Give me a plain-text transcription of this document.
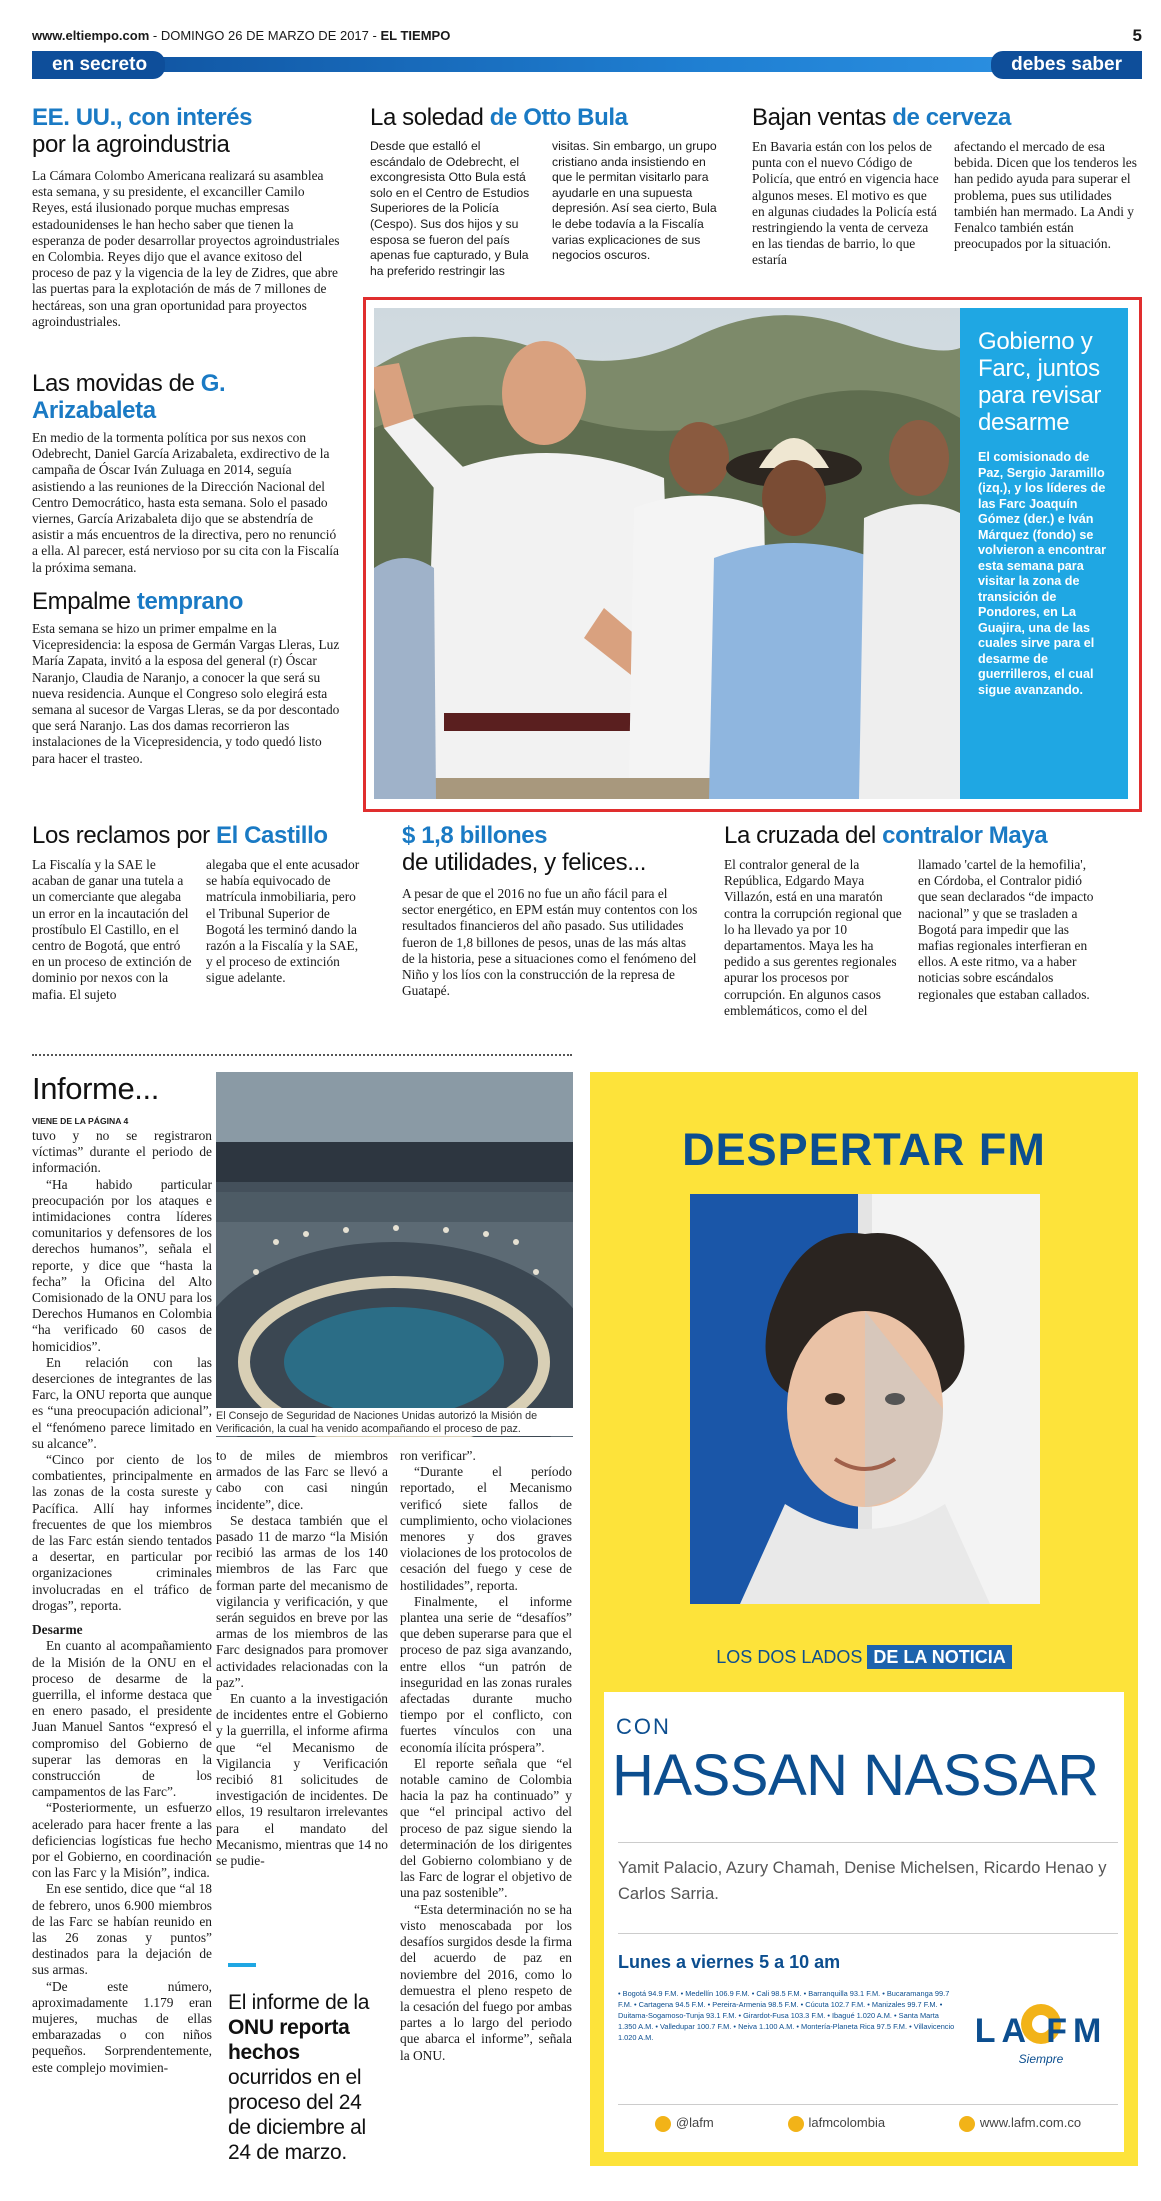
www.eltiempo.com - DOMINGO 26 DE MARZO DE 2017 - EL TIEMPO	5
en secreto	debes saber
EE. UU., con interés
por la agroindustria

La Cámara Colombo Americana realizará su asamblea esta semana, y su presidente, el excanciller Camilo Reyes, está ilusionado porque muchas empresas estadounidenses le han hecho saber que tienen la esperanza de poder desarrollar proyectos agroindustriales en Colombia. Reyes dijo que el avance exitoso del proceso de paz y la vigencia de la ley de Zidres, que abre las puertas para la explotación de más de 7 millones de hectáreas, son una gran oportunidad para proyectos agroindustriales.

Las movidas de G. Arizabaleta

En medio de la tormenta política por sus nexos con Odebrecht, Daniel García Arizabaleta, exdirectivo de la campaña de Óscar Iván Zuluaga en 2014, seguía asistiendo a las reuniones de la Dirección Nacional del Centro Democrático, hasta esta semana. Solo el pasado viernes, García Arizabaleta dijo que se abstendría de asistir a más encuentros de la directiva, pero no renunció a ella. Al parecer, está nervioso por su cita con la Fiscalía la próxima semana.

Empalme temprano

Esta semana se hizo un primer empalme en la Vicepresidencia: la esposa de Germán Vargas Lleras, Luz María Zapata, invitó a la esposa del general (r) Óscar Naranjo, Claudia de Naranjo, a conocer la que será su nueva residencia. Aunque el Congreso solo elegirá esta semana al sucesor de Vargas Lleras, se da por descontado que será Naranjo. Las dos damas recorrieron las instalaciones de la Vicepresidencia, y todo quedó listo para hacer el trasteo.

La soledad de Otto Bula

Desde que estalló el escándalo de Odebrecht, el excongresista Otto Bula está solo en el Centro de Estudios Superiores de la Policía (Cespo). Sus dos hijos y su esposa se fueron del país apenas fue capturado, y Bula ha preferido restringir las

visitas. Sin embargo, un grupo cristiano anda insistiendo en que le permitan visitarlo para ayudarle en una supuesta depresión. Así sea cierto, Bula le debe todavía a la Fiscalía varias explicaciones de sus negocios oscuros.

Bajan ventas de cerveza

En Bavaria están con los pelos de punta con el nuevo Código de Policía, que entró en vigencia hace algunos meses. El motivo es que en algunas ciudades la Policía está restringiendo la venta de cerveza en las tiendas de barrio, lo que estaría

afectando el mercado de esa bebida. Dicen que los tenderos les han pedido ayuda para superar el problema, pues sus utilidades también han mermado. La Andi y Fenalco también están preocupados por la situación.

Gobierno y Farc, juntos para revisar desarme

El comisionado de Paz, Sergio Jaramillo (izq.), y los líderes de las Farc Joaquín Gómez (der.) e Iván Márquez (fondo) se volvieron a encontrar esta semana para visitar la zona de transición de Pondores, en La Guajira, una de las cuales sirve para el desarme de guerrilleros, el cual sigue avanzando.

Los reclamos por El Castillo

La Fiscalía y la SAE le acaban de ganar una tutela a un comerciante que alegaba un error en la incautación del prostíbulo El Castillo, en el centro de Bogotá, que entró en un proceso de extinción de dominio por nexos con la mafia. El sujeto

alegaba que el ente acusador se había equivocado de matrícula inmobiliaria, pero el Tribunal Superior de Bogotá les terminó dando la razón a la Fiscalía y la SAE, y el proceso de extinción sigue adelante.

$ 1,8 billones
de utilidades, y felices...

A pesar de que el 2016 no fue un año fácil para el sector energético, en EPM están muy contentos con los resultados financieros del año pasado. Sus utilidades fueron de 1,8 billones de pesos, unas de las más altas de la historia, pese a situaciones como el fenómeno del Niño y los líos con la construcción de la represa de Guatapé.

La cruzada del contralor Maya

El contralor general de la República, Edgardo Maya Villazón, está en una maratón contra la corrupción regional que lo ha llevado ya por 10 departamentos. Maya les ha pedido a sus gerentes regionales apurar los procesos por corrupción. En algunos casos emblemáticos, como el del

llamado 'cartel de la hemofilia', en Córdoba, el Contralor pidió que sean declarados “de impacto nacional” y que se trasladen a Bogotá para impedir que las mafias regionales interfieran en ellos. A este ritmo, va a haber noticias sobre escándalos regionales que estaban callados.

Informe...
VIENE DE LA PÁGINA 4

tuvo y no se registraron víctimas” durante el periodo de información.

“Ha habido particular preocupación por los ataques e intimidaciones contra líderes comunitarios y defensores de los derechos humanos”, señala el reporte, y dice que “hasta la fecha” la Oficina del Alto Comisionado de la ONU para los Derechos Humanos en Colombia “ha verificado 60 casos de homicidios”.

En relación con las deserciones de integrantes de las Farc, la ONU reporta que aunque es “una preocupación adicional”, el “fenómeno parece limitado en su alcance”.

“Cinco por ciento de los combatientes, principalmente en las zonas de la costa sureste y Pacífica. Allí hay informes frecuentes de que los miembros de las Farc están siendo tentados a desertar, en particular por organizaciones criminales involucradas en el tráfico de drogas”, reporta.

Desarme

En cuanto al acompañamiento de la Misión de la ONU en el proceso de desarme de la guerrilla, el informe destaca que en enero pasado, el presidente Juan Manuel Santos “expresó el compromiso del Gobierno de superar las demoras en la construcción de los campamentos de las Farc”.

“Posteriormente, un esfuerzo acelerado para hacer frente a las deficiencias logísticas fue hecho por el Gobierno, en coordinación con las Farc y la Misión”, indica.

En ese sentido, dice que “al 18 de febrero, unos 6.900 miembros de las Farc se habían reunido en las 26 zonas y puntos” destinados para la dejación de sus armas.

“De este número, aproximadamente 1.179 eran mujeres, muchas de ellas embarazadas o con niños pequeños. Sorprendentemente, este complejo movimien-

El Consejo de Seguridad de Naciones Unidas autorizó la Misión de Verificación, la cual ha venido acompañando el proceso de paz.

to de miles de miembros armados de las Farc se llevó a cabo con casi ningún incidente”, dice.

Se destaca también que el pasado 11 de marzo “la Misión recibió las armas de los 140 miembros de las Farc que forman parte del mecanismo de vigilancia y verificación, y que serán seguidos en breve por las armas de los miembros de las Farc designados para promover actividades relacionadas con la paz”.

En cuanto a la investigación de incidentes entre el Gobierno y la guerrilla, el informe afirma que “el Mecanismo de Vigilancia y Verificación recibió 81 solicitudes de investigación de incidentes. De ellos, 19 resultaron irrelevantes para el mandato del Mecanismo, mientras que 14 no se pudie-

ron verificar”.

“Durante el período reportado, el Mecanismo verificó siete fallos de cumplimiento, ocho violaciones menores y dos graves violaciones de los protocolos de cesación del fuego y cese de hostilidades”, reporta.

Finalmente, el informe plantea una serie de “desafíos” que deben superarse para que el proceso de paz siga avanzando, entre ellos “un patrón de inseguridad en las zonas rurales afectadas durante mucho tiempo por el conflicto, con fuertes vínculos con una economía ilícita próspera”.

El reporte señala que “el notable camino de Colombia hacia la paz ha continuado” y que “el principal activo del proceso de paz sigue siendo la determinación de los dirigentes del Gobierno colombiano y de las Farc de lograr el objetivo de una paz sostenible”.

“Esta determinación no se ha visto menoscabada por los desafíos surgidos desde la firma del acuerdo de paz en noviembre del 2016, como lo demuestra el pleno respeto de la cesación del fuego por ambas partes a lo largo del periodo que abarca el informe”, señala la ONU.

El informe de la ONU reporta hechos ocurridos en el proceso del 24 de diciembre al 24 de marzo.
DESPERTAR FM
LOS DOS LADOS DE LA NOTICIA
CON
HASSAN NASSAR
Yamit Palacio, Azury Chamah, Denise Michelsen, Ricardo Henao y Carlos Sarria.
Lunes a viernes 5 a 10 am
• Bogotá 94.9 F.M. • Medellín 106.9 F.M. • Cali 98.5 F.M. • Barranquilla 93.1 F.M. • Bucaramanga 99.7 F.M. • Cartagena 94.5 F.M. • Pereira-Armenia 98.5 F.M. • Cúcuta 102.7 F.M. • Manizales 99.7 F.M. • Duitama-Sogamoso-Tunja 93.1 F.M. • Girardot-Fusa 103.3 F.M. • Ibagué 1.020 A.M. • Santa Marta 1.350 A.M. • Valledupar 100.7 F.M. • Neiva 1.100 A.M. • Montería-Planeta Rica 97.5 F.M. • Villavicencio 1.020 A.M.	LA FM
Siempre
@lafm	lafmcolombia	www.lafm.com.co
